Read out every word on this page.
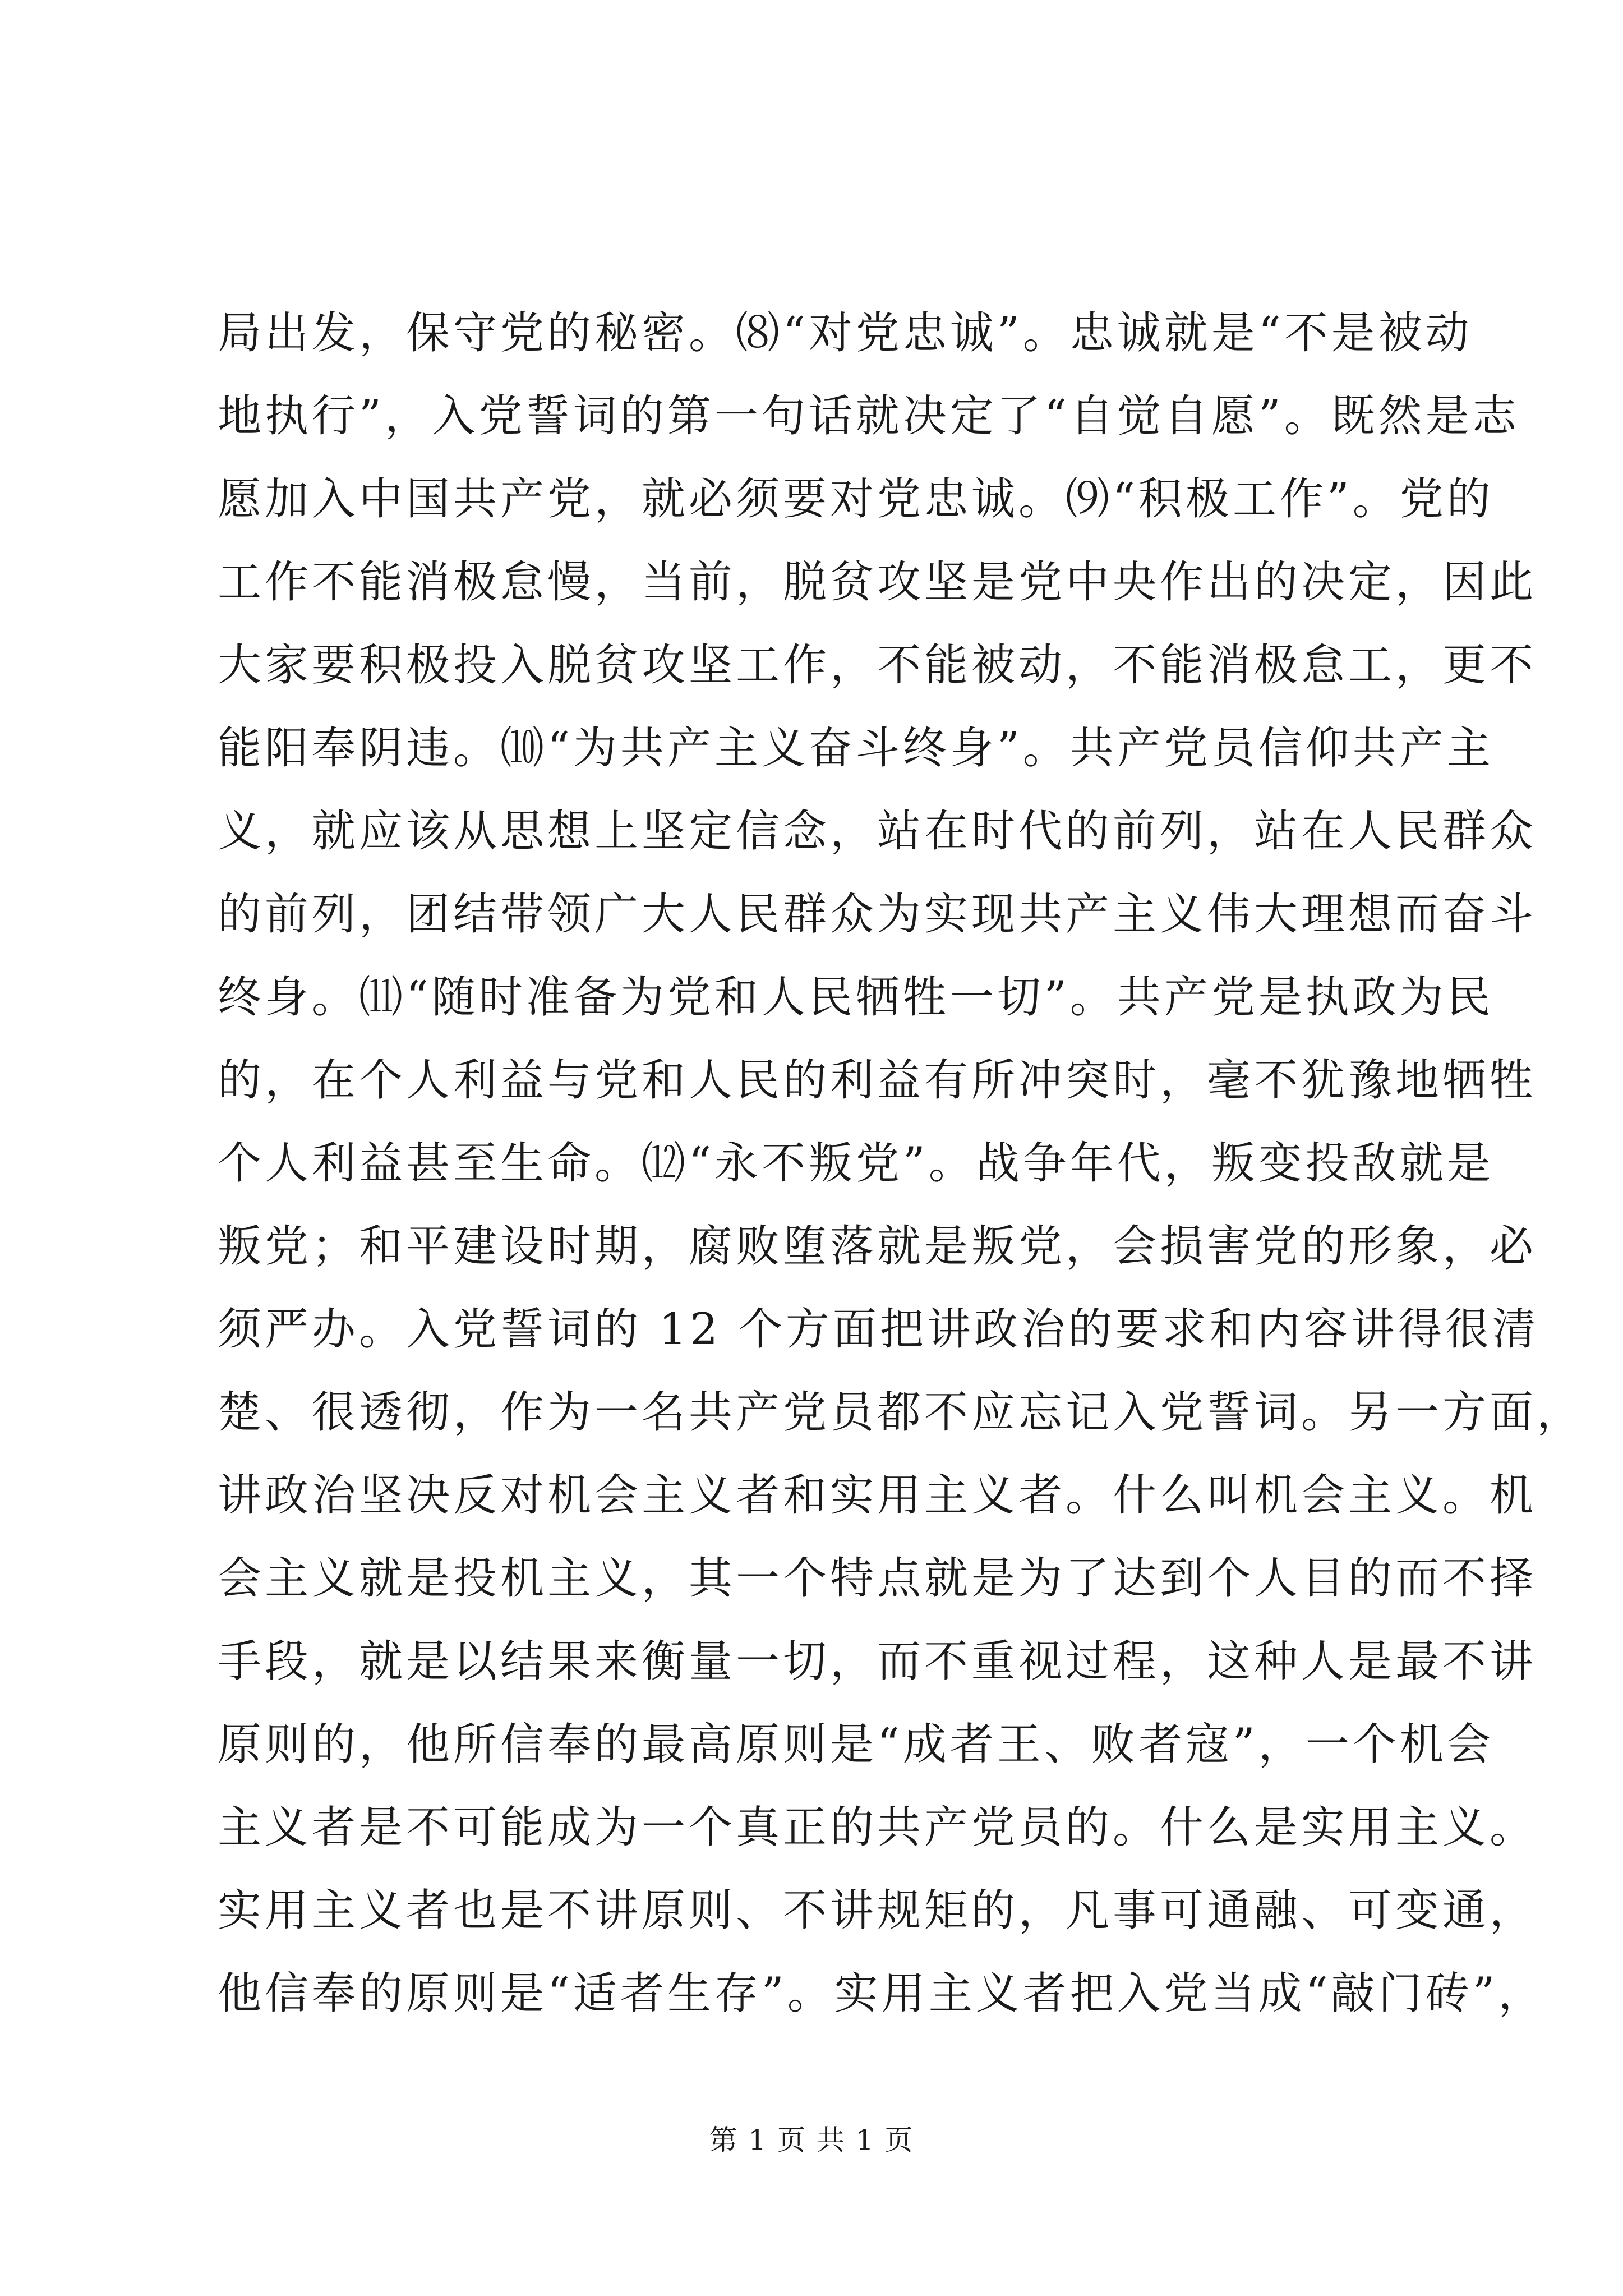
局出发，保守党的秘密。⑻“对党忠诚”。忠诚就是“不是被动
地执行”，入党誓词的第一句话就决定了“自觉自愿”。既然是志
愿加入中国共产党，就必须要对党忠诚。⑼“积极工作”。党的
工作不能消极怠慢，当前，脱贫攻坚是党中央作出的决定，因此
大家要积极投入脱贫攻坚工作，不能被动，不能消极怠工，更不
能阳奉阴违。⑽“为共产主义奋斗终身”。共产党员信仰共产主
义，就应该从思想上坚定信念，站在时代的前列，站在人民群众
的前列，团结带领广大人民群众为实现共产主义伟大理想而奋斗
终身。⑾“随时准备为党和人民牺牲一切”。共产党是执政为民
的，在个人利益与党和人民的利益有所冲突时，毫不犹豫地牺牲
个人利益甚至生命。⑿“永不叛党”。战争年代，叛变投敌就是
叛党；和平建设时期，腐败堕落就是叛党，会损害党的形象，必
须严办。入党誓词的 12 个方面把讲政治的要求和内容讲得很清
楚、很透彻，作为一名共产党员都不应忘记入党誓词。另一方面，
讲政治坚决反对机会主义者和实用主义者。什么叫机会主义。机
会主义就是投机主义，其一个特点就是为了达到个人目的而不择
手段，就是以结果来衡量一切，而不重视过程，这种人是最不讲
原则的，他所信奉的最高原则是“成者王、败者寇”，一个机会
主义者是不可能成为一个真正的共产党员的。什么是实用主义。
实用主义者也是不讲原则、不讲规矩的，凡事可通融、可变通，
他信奉的原则是“适者生存”。实用主义者把入党当成“敲门砖”，
第 1 页 共 1 页
